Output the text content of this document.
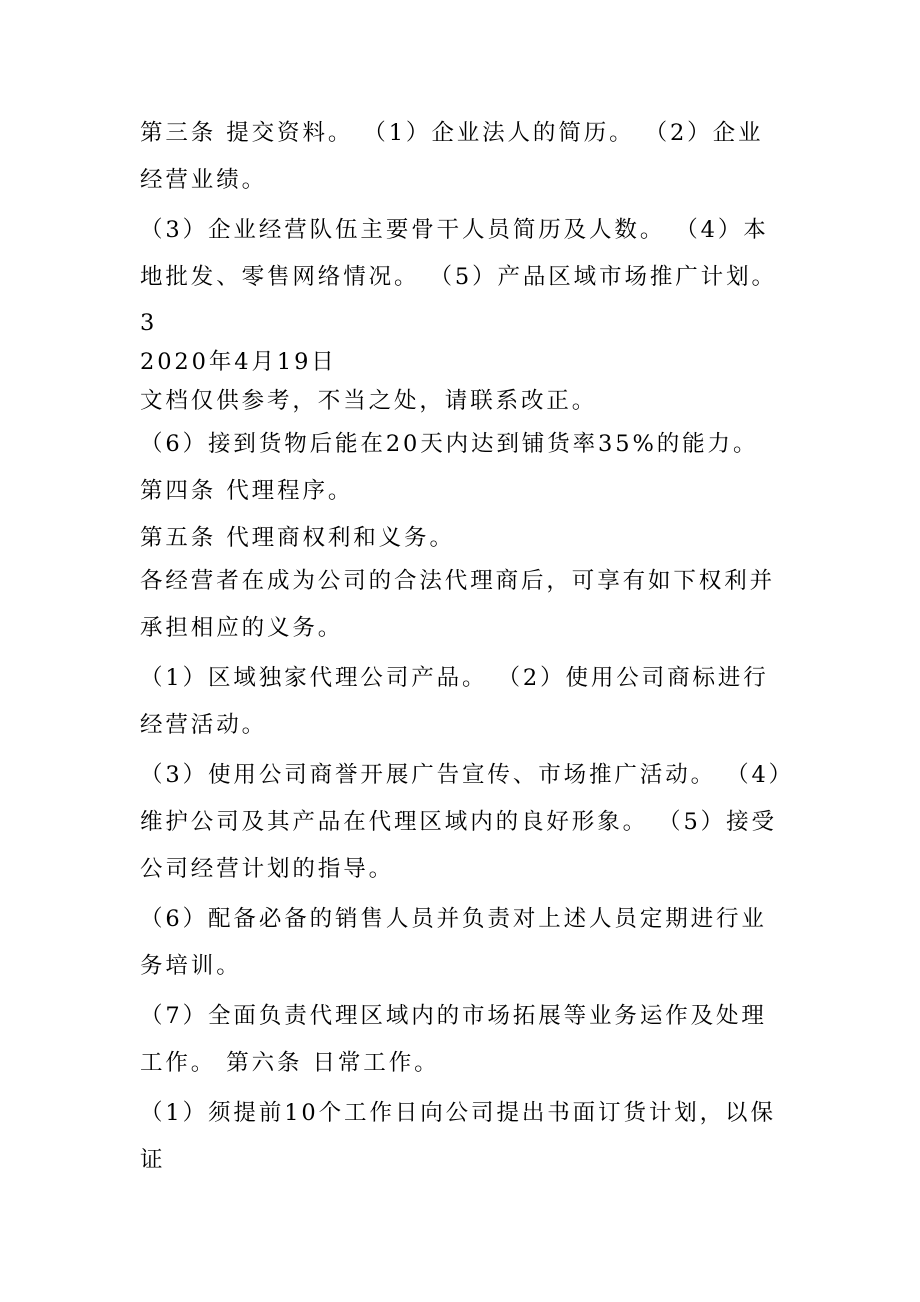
第三条 提交资料。 （1）企业法人的简历。 （2）企业经营业绩。

（3）企业经营队伍主要骨干人员简历及人数。 （4）本地批发、零售网络情况。 （5）产品区域市场推广计划。

3

2020年4月19日

文档仅供参考，不当之处，请联系改正。

（6）接到货物后能在20天内达到铺货率35%的能力。 第四条 代理程序。

第五条 代理商权利和义务。

各经营者在成为公司的合法代理商后，可享有如下权利并承担相应的义务。

（1）区域独家代理公司产品。 （2）使用公司商标进行经营活动。

（3）使用公司商誉开展广告宣传、市场推广活动。 （4）维护公司及其产品在代理区域内的良好形象。 （5）接受公司经营计划的指导。

（6）配备必备的销售人员并负责对上述人员定期进行业务培训。

（7）全面负责代理区域内的市场拓展等业务运作及处理工作。 第六条 日常工作。

（1）须提前10个工作日向公司提出书面订货计划，以保证
